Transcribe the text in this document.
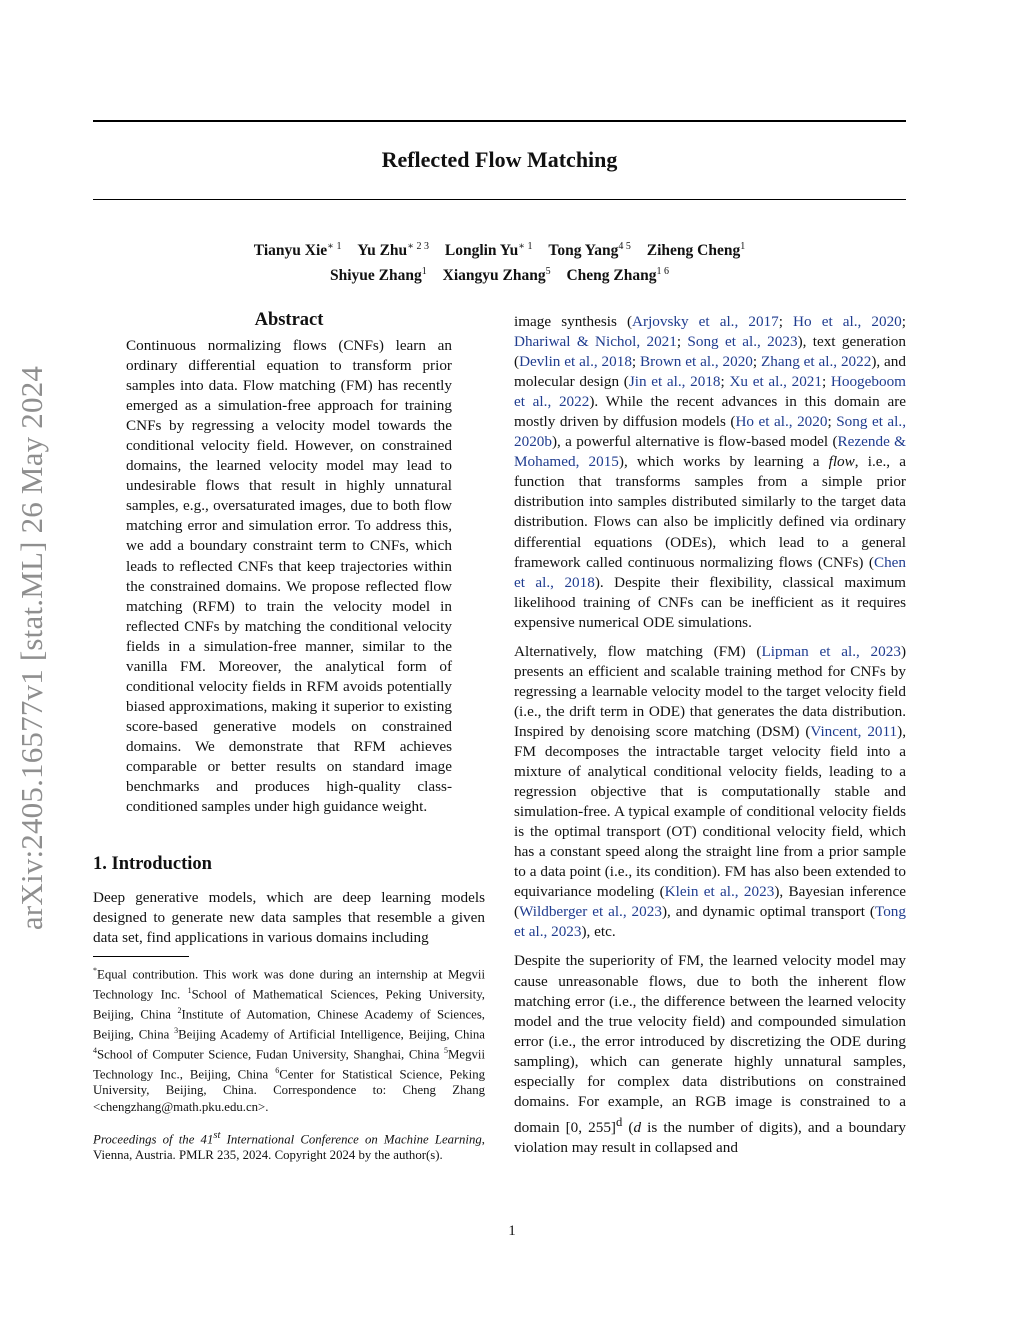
arXiv:2405.16577v1 [stat.ML] 26 May 2024
Reflected Flow Matching
Tianyu Xie$^{∗ 1}$ Yu Zhu$^{∗ 2 3}$ Longlin $Yu^{∗ 1}$ Tong Yang$^{4 5}$ Ziheng Cheng$^1$
Shiyue Zhang$^1$ Xiangyu Zhang$^5$ Cheng Zhang$^{1 6}$
Abstract

Continuous normalizing flows (CNFs) learn an ordinary differential equation to transform prior samples into data. Flow matching (FM) has recently emerged as a simulation-free approach for training CNFs by regressing a velocity model towards the conditional velocity field. However, on constrained domains, the learned velocity model may lead to undesirable flows that result in highly unnatural samples, e.g., oversaturated images, due to both flow matching error and simulation error. To address this, we add a boundary constraint term to CNFs, which leads to reflected CNFs that keep trajectories within the constrained domains. We propose reflected flow matching (RFM) to train the velocity model in reflected CNFs by matching the conditional velocity fields in a simulation-free manner, similar to the vanilla FM. Moreover, the analytical form of conditional velocity fields in RFM avoids potentially biased approximations, making it superior to existing score-based generative models on constrained domains. We demonstrate that RFM achieves comparable or better results on standard image benchmarks and produces high-quality class-conditioned samples under high guidance weight.

1. Introduction

Deep generative models, which are deep learning models designed to generate new data samples that resemble a given data set, find applications in various domains including

*Equal contribution. This work was done during an internship at Megvii Technology Inc. $^1$School of Mathematical Sciences, Peking University, Beijing, China $^2$Institute of Automation, Chinese Academy of Sciences, Beijing, China $^3$Beijing Academy of Artificial Intelligence, Beijing, China $^4$School of Computer Science, Fudan University, Shanghai, China $^5$Megvii Technology Inc., Beijing, China $^6$Center for Statistical Science, Peking University, Beijing, China. Correspondence to: Cheng Zhang <chengzhang@math.pku.edu.cn>.

Proceedings of the 41st International Conference on Machine Learning, Vienna, Austria. PMLR 235, 2024. Copyright 2024 by the author(s).

image synthesis (Arjovsky et al., 2017; Ho et al., 2020; Dhariwal & Nichol, 2021; Song et al., 2023), text generation (Devlin et al., 2018; Brown et al., 2020; Zhang et al., 2022), and molecular design (Jin et al., 2018; Xu et al., 2021; Hoogeboom et al., 2022). While the recent advances in this domain are mostly driven by diffusion models (Ho et al., 2020; Song et al., 2020b), a powerful alternative is flow-based model (Rezende & Mohamed, 2015), which works by learning a flow, i.e., a function that transforms samples from a simple prior distribution into samples distributed similarly to the target data distribution. Flows can also be implicitly defined via ordinary differential equations (ODEs), which lead to a general framework called continuous normalizing flows (CNFs) (Chen et al., 2018). Despite their flexibility, classical maximum likelihood training of CNFs can be inefficient as it requires expensive numerical ODE simulations.

Alternatively, flow matching (FM) (Lipman et al., 2023) presents an efficient and scalable training method for CNFs by regressing a learnable velocity model to the target velocity field (i.e., the drift term in ODE) that generates the data distribution. Inspired by denoising score matching (DSM) (Vincent, 2011), FM decomposes the intractable target velocity field into a mixture of analytical conditional velocity fields, leading to a regression objective that is computationally stable and simulation-free. A typical example of conditional velocity fields is the optimal transport (OT) conditional velocity field, which has a constant speed along the straight line from a prior sample to a data point (i.e., its condition). FM has also been extended to equivariance modeling (Klein et al., 2023), Bayesian inference (Wildberger et al., 2023), and dynamic optimal transport (Tong et al., 2023), etc.

Despite the superiority of FM, the learned velocity model may cause unreasonable flows, due to both the inherent flow matching error (i.e., the difference between the learned velocity model and the true velocity field) and compounded simulation error (i.e., the error introduced by discretizing the ODE during sampling), which can generate highly unnatural samples, especially for complex data distributions on constrained domains. For example, an RGB image is constrained to a domain [0, 255]$^d$ (d is the number of digits), and a boundary violation may result in collapsed and

1
